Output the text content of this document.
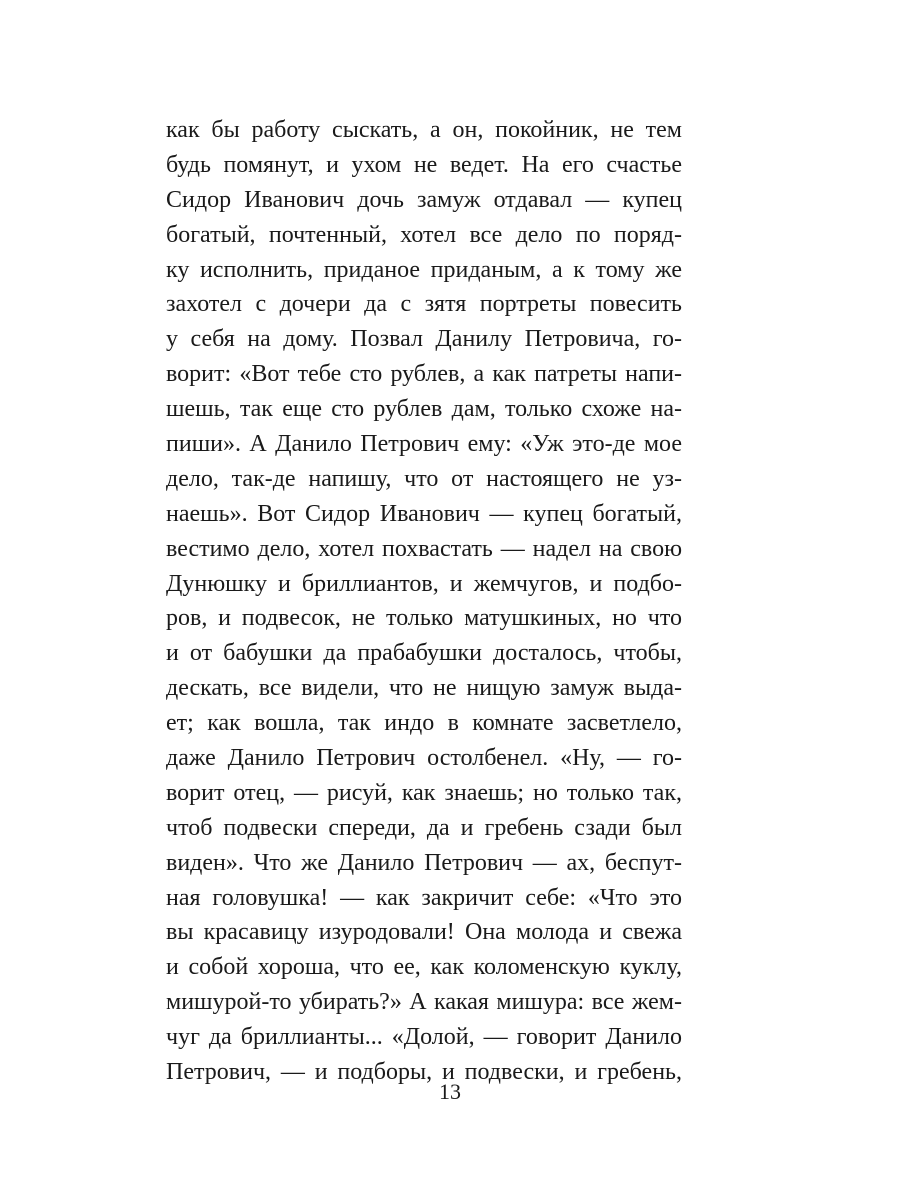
как бы работу сыскать, а он, покойник, не тем
будь помянут, и ухом не ведет. На его счастье
Сидор Иванович дочь замуж отдавал — купец
богатый, почтенный, хотел все дело по поряд-
ку исполнить, приданое приданым, а к тому же
захотел с дочери да с зятя портреты повесить
у себя на дому. Позвал Данилу Петровича, го-
ворит: «Вот тебе сто рублев, а как патреты напи-
шешь, так еще сто рублев дам, только схоже на-
пиши». А Данило Петрович ему: «Уж это-де мое
дело, так-де напишу, что от настоящего не уз-
наешь». Вот Сидор Иванович — купец богатый,
вестимо дело, хотел похвастать — надел на свою
Дунюшку и бриллиантов, и жемчугов, и подбо-
ров, и подвесок, не только матушкиных, но что
и от бабушки да прабабушки досталось, чтобы,
дескать, все видели, что не нищую замуж выда-
ет; как вошла, так индо в комнате засветлело,
даже Данило Петрович остолбенел. «Ну, — го-
ворит отец, — рисуй, как знаешь; но только так,
чтоб подвески спереди, да и гребень сзади был
виден». Что же Данило Петрович — ах, беспут-
ная головушка! — как закричит себе: «Что это
вы красавицу изуродовали! Она молода и свежа
и собой хороша, что ее, как коломенскую куклу,
мишурой-то убирать?» А какая мишура: все жем-
чуг да бриллианты... «Долой, — говорит Данило
Петрович, — и подборы, и подвески, и гребень,
13
